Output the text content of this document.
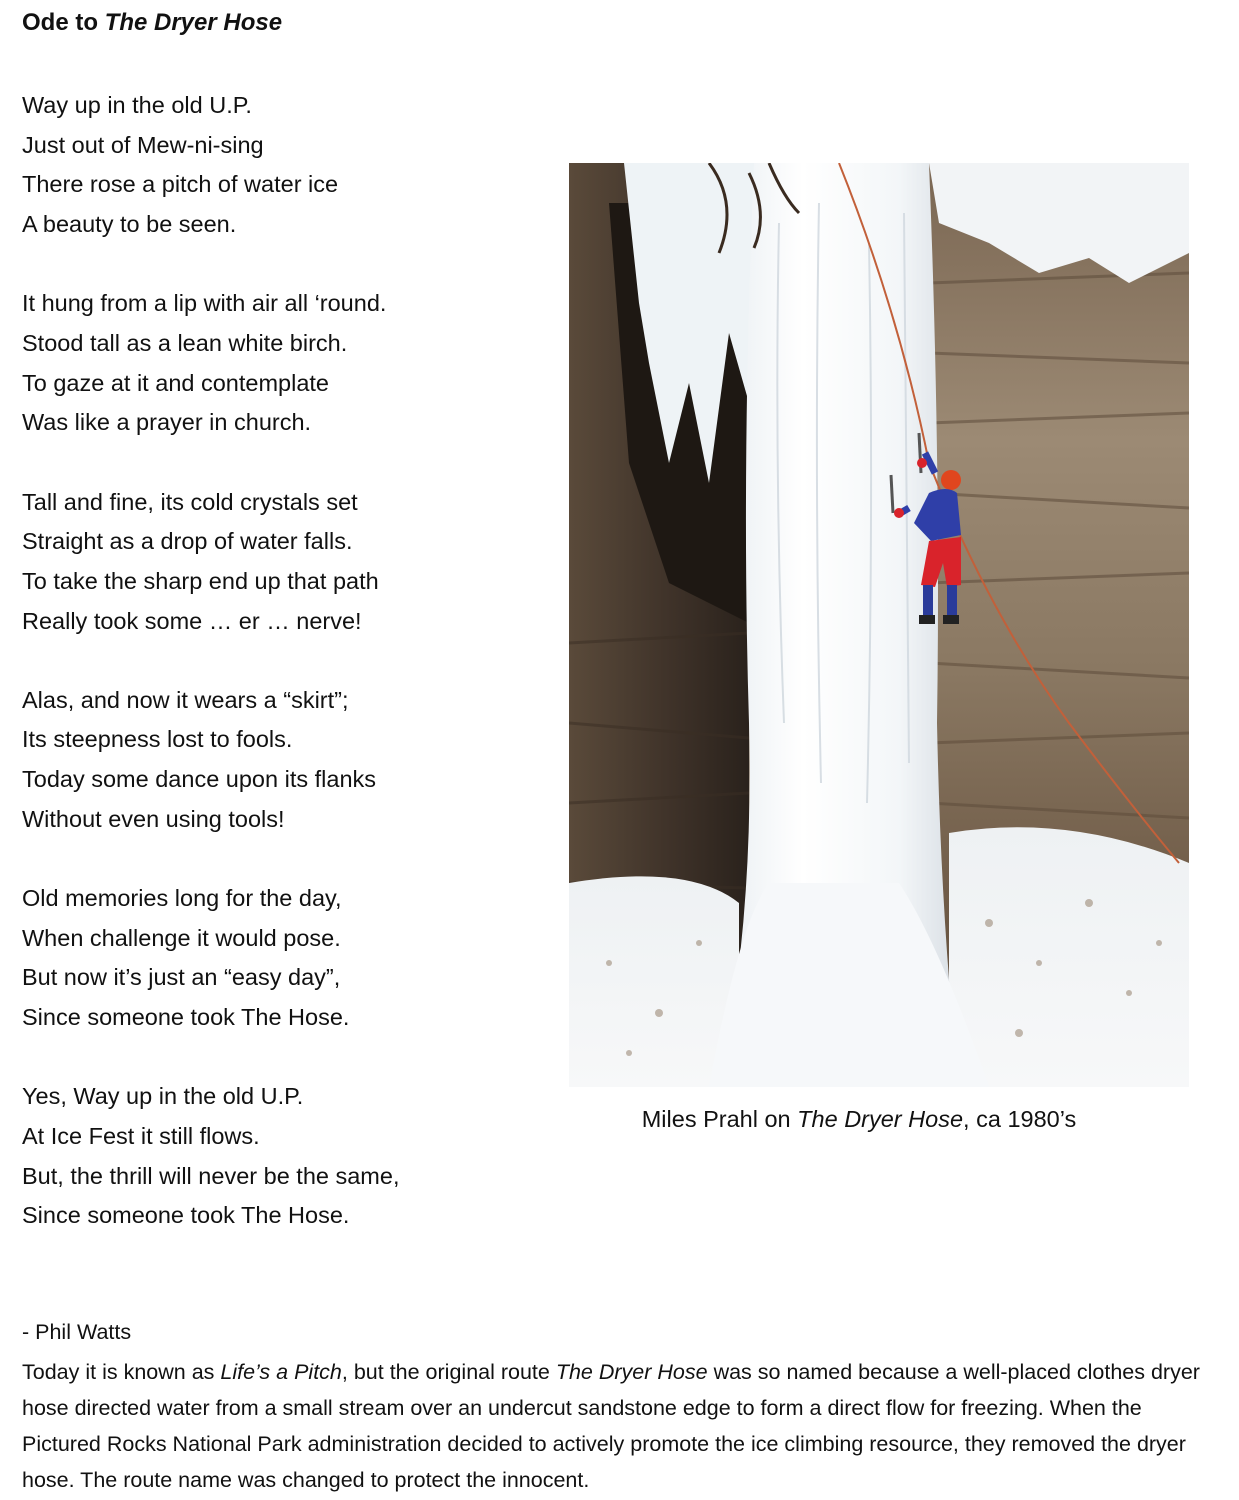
Ode to The Dryer Hose
Way up in the old U.P.
Just out of Mew-ni-sing
There rose a pitch of water ice
A beauty to be seen.
It hung from a lip with air all ‘round.
Stood tall as a lean white birch.
To gaze at it and contemplate
Was like a prayer in church.
Tall and fine, its cold crystals set
Straight as a drop of water falls.
To take the sharp end up that path
Really took some … er … nerve!
Alas, and now it wears a “skirt”;
Its steepness lost to fools.
Today some dance upon its flanks
Without even using tools!
Old memories long for the day,
When challenge it would pose.
But now it’s just an “easy day”,
Since someone took The Hose.
Yes, Way up in the old U.P.
At Ice Fest it still flows.
But, the thrill will never be the same,
Since someone took The Hose.
Miles Prahl on The Dryer Hose, ca 1980’s
- Phil Watts
Today it is known as Life’s a Pitch, but the original route The Dryer Hose was so named because a well-placed clothes dryer hose directed water from a small stream over an undercut sandstone edge to form a direct flow for freezing. When the Pictured Rocks National Park administration decided to actively promote the ice climbing resource, they removed the dryer hose. The route name was changed to protect the innocent.
